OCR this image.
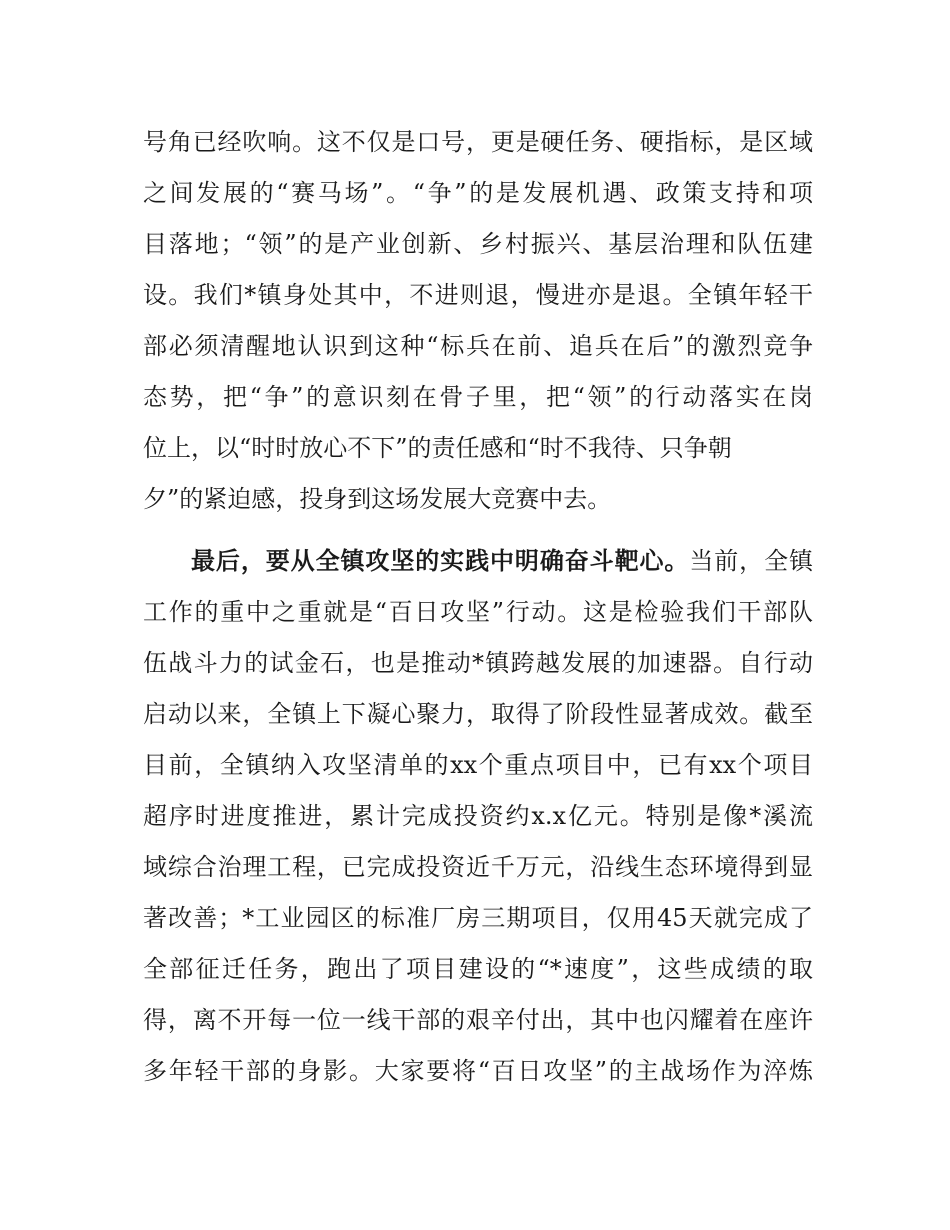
号角已经吹响。这不仅是口号，更是硬任务、硬指标，是区域
之间发展的“赛马场”。“争”的是发展机遇、政策支持和项
目落地；“领”的是产业创新、乡村振兴、基层治理和队伍建
设。我们*镇身处其中，不进则退，慢进亦是退。全镇年轻干
部必须清醒地认识到这种“标兵在前、追兵在后”的激烈竞争
态势，把“争”的意识刻在骨子里，把“领”的行动落实在岗
位上，以“时时放心不下”的责任感和“时不我待、只争朝
夕”的紧迫感，投身到这场发展大竞赛中去。
最后，要从全镇攻坚的实践中明确奋斗靶心。当前，全镇
工作的重中之重就是“百日攻坚”行动。这是检验我们干部队
伍战斗力的试金石，也是推动*镇跨越发展的加速器。自行动
启动以来，全镇上下凝心聚力，取得了阶段性显著成效。截至
目前，全镇纳入攻坚清单的xx个重点项目中，已有xx个项目
超序时进度推进，累计完成投资约x.x亿元。特别是像*溪流
域综合治理工程，已完成投资近千万元，沿线生态环境得到显
著改善；*工业园区的标准厂房三期项目，仅用45天就完成了
全部征迁任务，跑出了项目建设的“*速度”，这些成绩的取
得，离不开每一位一线干部的艰辛付出，其中也闪耀着在座许
多年轻干部的身影。大家要将“百日攻坚”的主战场作为淬炼
